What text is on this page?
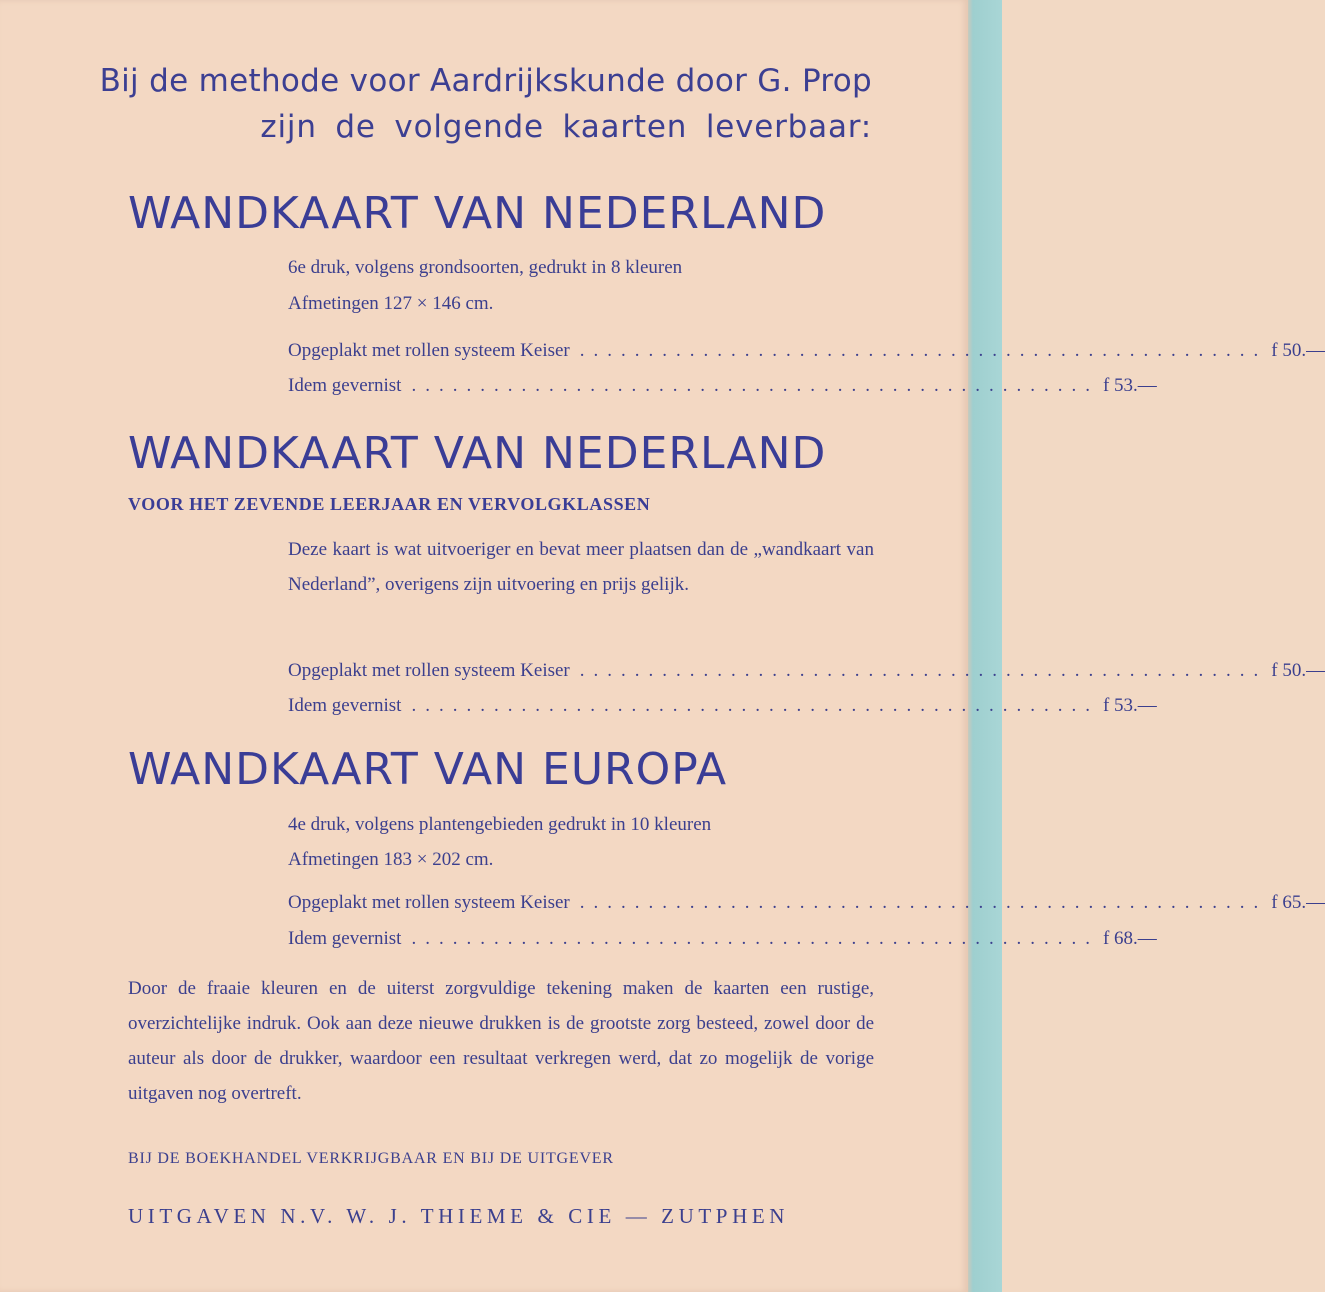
Bij de methode voor Aardrijkskunde door G. Prop
zijn de volgende kaarten leverbaar:
WANDKAART VAN NEDERLAND
6e druk, volgens grondsoorten, gedrukt in 8 kleuren
Afmetingen 127 × 146 cm.
Opgeplakt met rollen systeem Keiser .................................................. f 50.—
Idem gevernist .................................................. f 53.—
WANDKAART VAN NEDERLAND
VOOR HET ZEVENDE LEERJAAR EN VERVOLGKLASSEN
Deze kaart is wat uitvoeriger en bevat meer plaatsen dan de „wandkaart van Nederland”, overigens zijn uitvoering en prijs gelijk.
Opgeplakt met rollen systeem Keiser .................................................. f 50.—
Idem gevernist .................................................. f 53.—
WANDKAART VAN EUROPA
4e druk, volgens plantengebieden gedrukt in 10 kleuren
Afmetingen 183 × 202 cm.
Opgeplakt met rollen systeem Keiser .................................................. f 65.—
Idem gevernist .................................................. f 68.—
Door de fraaie kleuren en de uiterst zorgvuldige tekening maken de kaarten een rustige, overzichtelijke indruk. Ook aan deze nieuwe drukken is de grootste zorg besteed, zowel door de auteur als door de drukker, waardoor een resultaat verkregen werd, dat zo mogelijk de vorige uitgaven nog overtreft.
BIJ DE BOEKHANDEL VERKRIJGBAAR EN BIJ DE UITGEVER
UITGAVEN N.V. W. J. THIEME & CIE — ZUTPHEN
